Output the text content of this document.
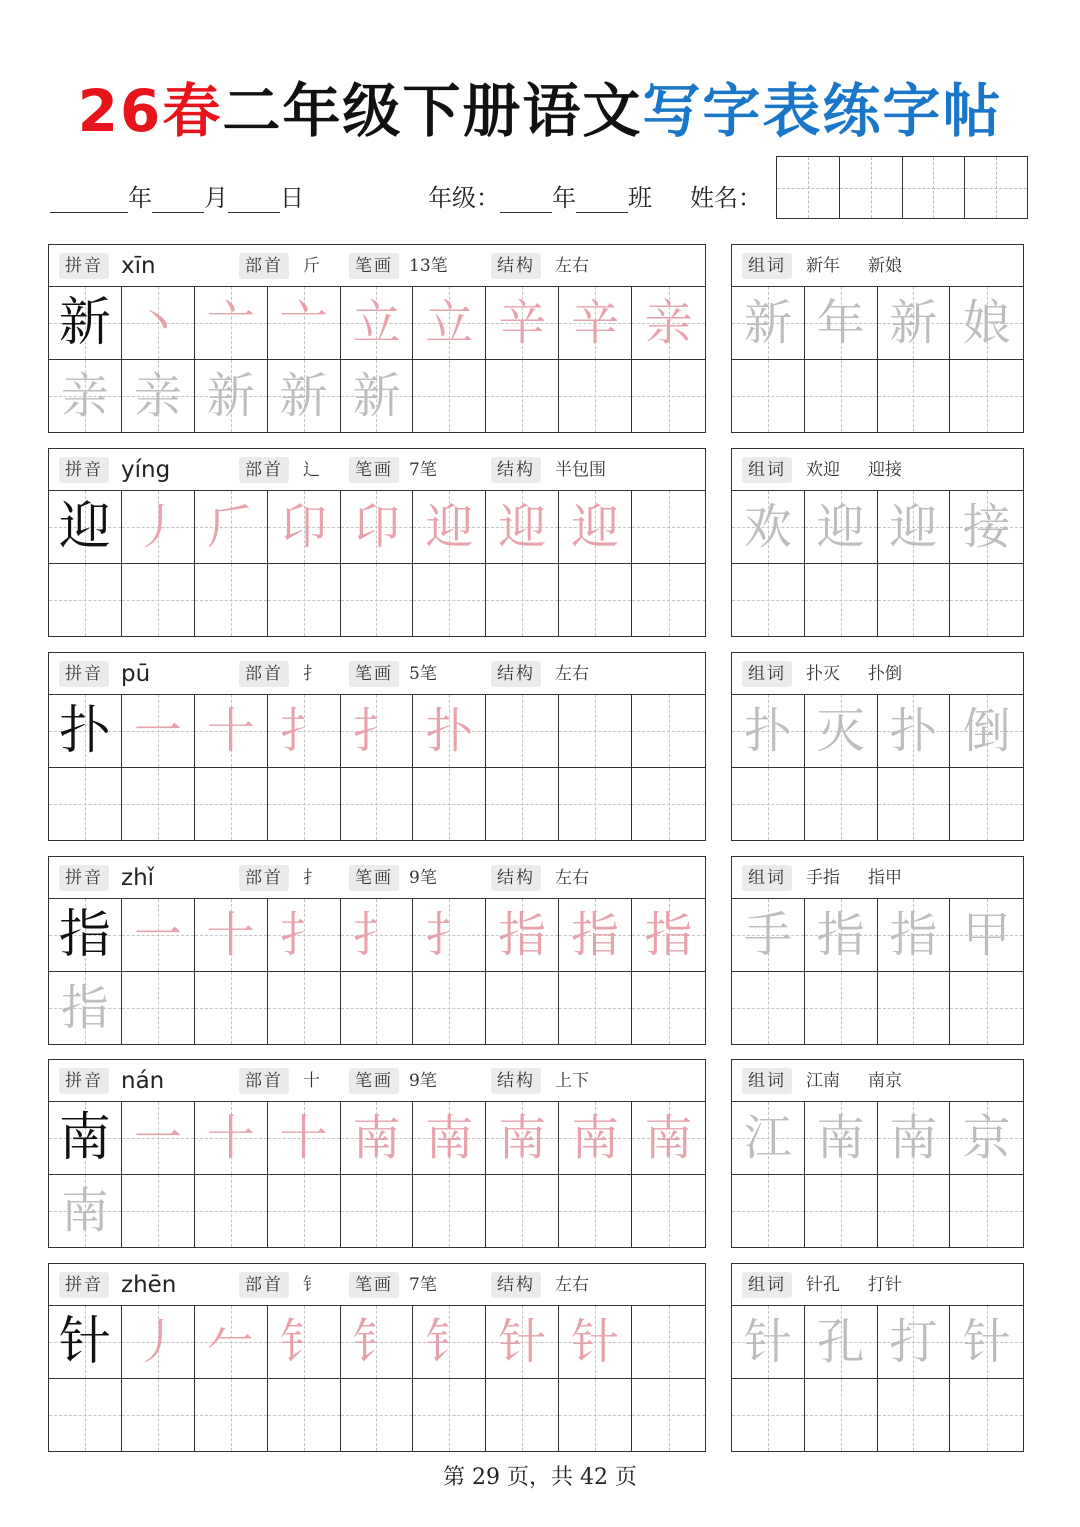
26春二年级下册语文写字表练字帖
年 月 日	年级： 年 班 姓名：
拼音 xīn	部首	斤	笔画 13笔	结构	左右
新 丶 亠 亠 立 立 辛 辛 亲
亲 亲 新 新 新
组词	新年 新娘
新 年 新 娘
拼音 yíng	部首	辶	笔画 7笔	结构	半包围
迎 丿 𠂆 卬 卬 迎 迎 迎
组词	欢迎 迎接
欢 迎 迎 接
拼音 pū	部首	扌	笔画 5笔	结构	左右
扑 一 十 扌 扌 扑
组词	扑灭 扑倒
扑 灭 扑 倒
拼音 zhǐ	部首	扌	笔画 9笔	结构	左右
指 一 十 扌 扌 扌 指 指 指
指
组词	手指 指甲
手 指 指 甲
拼音 nán	部首	十	笔画 9笔	结构	上下
南 一 十 十 南 南 南 南 南
南
组词	江南 南京
江 南 南 京
拼音 zhēn	部首	钅	笔画 7笔	结构	左右
针 丿 𠂉 钅 钅 钅 针 针
组词	针孔 打针
针 孔 打 针
第 29 页，共 42 页
